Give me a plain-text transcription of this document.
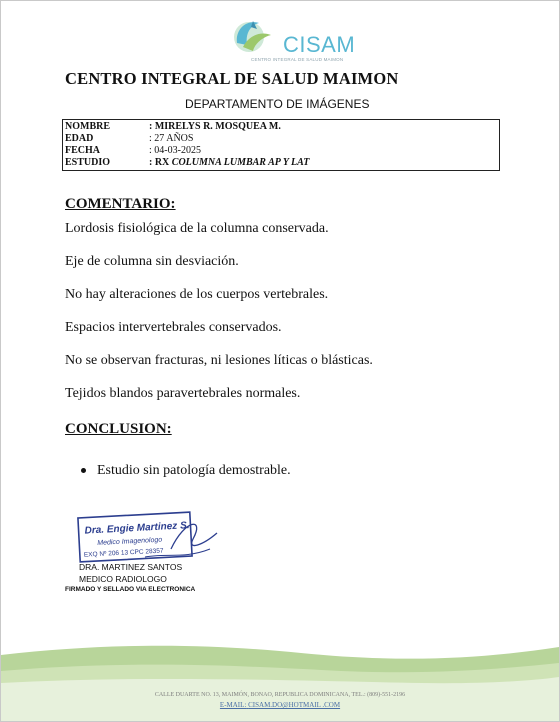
CISAM
CENTRO INTEGRAL DE SALUD MAIMON
CENTRO INTEGRAL DE SALUD MAIMON
DEPARTAMENTO DE IMÁGENES
NOMBRE	: MIRELYS R. MOSQUEA M.
EDAD	: 27 AÑOS
FECHA	: 04-03-2025
ESTUDIO	: RX COLUMNA LUMBAR AP Y LAT
COMENTARIO:
Lordosis fisiológica de la columna conservada.
Eje de columna sin desviación.
No hay alteraciones de los cuerpos vertebrales.
Espacios intervertebrales conservados.
No se observan fracturas, ni lesiones líticas o blásticas.
Tejidos blandos paravertebrales normales.
CONCLUSION:
Estudio sin patología demostrable.
Dra. Engie Martinez S.
Medico Imagenologo
EXQ Nº 206 13 CPC 28357
DRA. MARTINEZ SANTOS
MEDICO RADIOLOGO
FIRMADO Y SELLADO VIA ELECTRONICA
CALLE DUARTE NO. 13, MAIMÓN, BONAO, REPUBLICA DOMINICANA, TEL.: (809)-551-2196
E-MAIL: CISAM.DO@HOTMAIL .COM
